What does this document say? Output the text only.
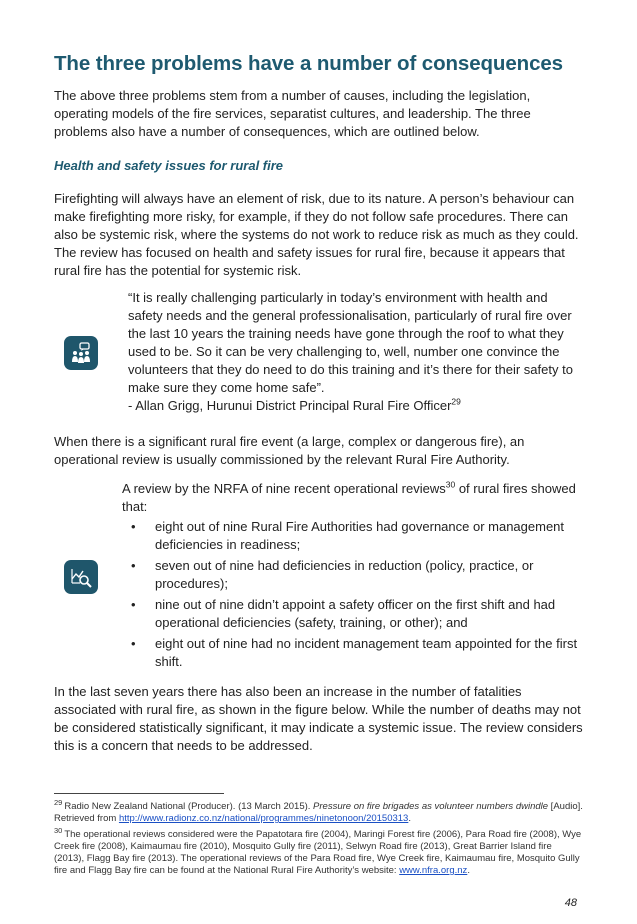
The three problems have a number of consequences

The above three problems stem from a number of causes, including the legislation, operating models of the fire services, separatist cultures, and leadership. The three problems also have a number of consequences, which are outlined below.

Health and safety issues for rural fire

Firefighting will always have an element of risk, due to its nature. A person’s behaviour can make firefighting more risky, for example, if they do not follow safe procedures. There can also be systemic risk, where the systems do not work to reduce risk as much as they could. The review has focused on health and safety issues for rural fire, because it appears that rural fire has the potential for systemic risk.

“It is really challenging particularly in today’s environment with health and safety needs and the general professionalisation, particularly of rural fire over the last 10 years the training needs have gone through the roof to what they used to be. So it can be very challenging to, well, number one convince the volunteers that they do need to do this training and it’s there for their safety to make sure they come home safe”.
- Allan Grigg, Hurunui District Principal Rural Fire Officer$^{29}$

When there is a significant rural fire event (a large, complex or dangerous fire), an operational review is usually commissioned by the relevant Rural Fire Authority.

A review by the NRFA of nine recent operational reviews$^{30}$ of rural fires showed that:

• eight out of nine Rural Fire Authorities had governance or management deficiencies in readiness;
• seven out of nine had deficiencies in reduction (policy, practice, or procedures);
• nine out of nine didn’t appoint a safety officer on the first shift and had operational deficiencies (safety, training, or other); and
• eight out of nine had no incident management team appointed for the first shift.

In the last seven years there has also been an increase in the number of fatalities associated with rural fire, as shown in the figure below. While the number of deaths may not be considered statistically significant, it may indicate a systemic issue. The review considers this is a concern that needs to be addressed.

$^{29}$ Radio New Zealand National (Producer). (13 March 2015). Pressure on fire brigades as volunteer numbers dwindle [Audio]. Retrieved from http://www.radionz.co.nz/national/programmes/ninetonoon/20150313.

$^{30}$ The operational reviews considered were the Papatotara fire (2004), Maringi Forest fire (2006), Para Road fire (2008), Wye Creek fire (2008), Kaimaumau fire (2010), Mosquito Gully fire (2011), Selwyn Road fire (2013), Great Barrier Island fire (2013), Flagg Bay fire (2013). The operational reviews of the Para Road fire, Wye Creek fire, Kaimaumau fire, Mosquito Gully fire and Flagg Bay fire can be found at the National Rural Fire Authority’s website: www.nfra.org.nz.

48
